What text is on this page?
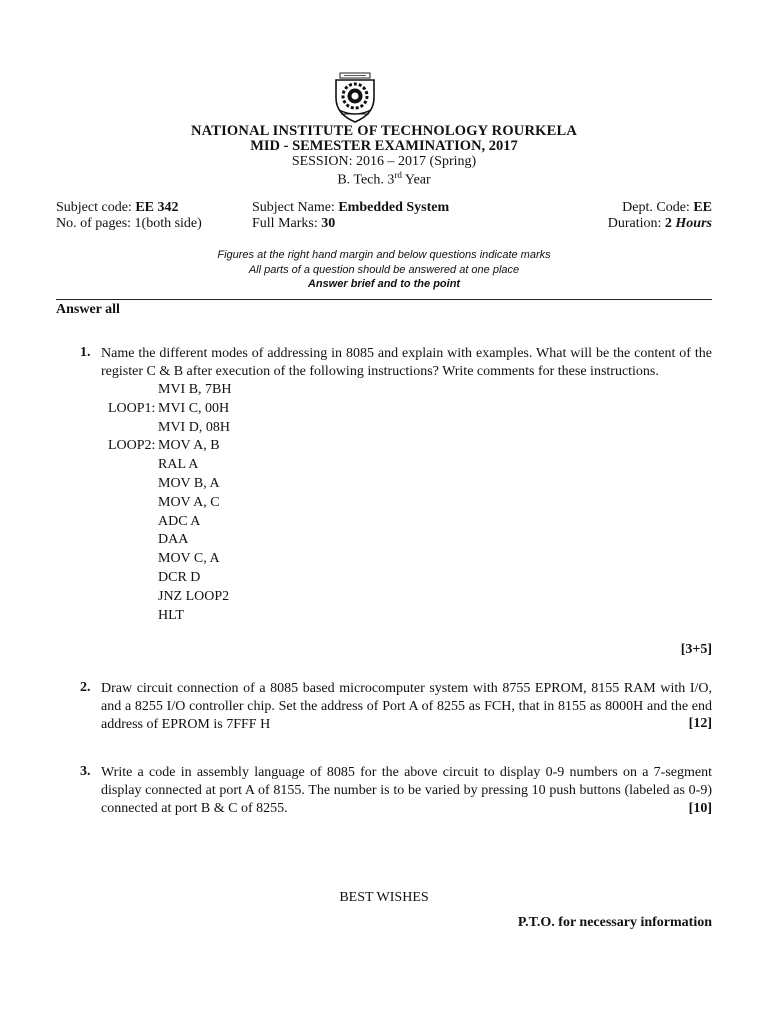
NATIONAL INSTITUTE OF TECHNOLOGY ROURKELA
MID - SEMESTER EXAMINATION, 2017
SESSION: 2016 – 2017 (Spring)
B. Tech. 3rd Year
Subject code: EE 342	Subject Name: Embedded System	Dept. Code: EE
No. of pages: 1(both side)	Full Marks: 30	Duration: 2 Hours
Figures at the right hand margin and below questions indicate marks
All parts of a question should be answered at one place
Answer brief and to the point
Answer all
1. Name the different modes of addressing in 8085 and explain with examples. What will be the content of the register C & B after execution of the following instructions? Write comments for these instructions.
MVI B, 7BH
LOOP1: MVI C, 00H
MVI D, 08H
LOOP2: MOV A, B
RAL A
MOV B, A
MOV A, C
ADC A
DAA
MOV C, A
DCR D
JNZ LOOP2
HLT
[3+5]
2. Draw circuit connection of a 8085 based microcomputer system with 8755 EPROM, 8155 RAM with I/O, and a 8255 I/O controller chip. Set the address of Port A of 8255 as FCH, that in 8155 as 8000H and the end address of EPROM is 7FFF H	[12]
3. Write a code in assembly language of 8085 for the above circuit to display 0-9 numbers on a 7-segment display connected at port A of 8155. The number is to be varied by pressing 10 push buttons (labeled as 0-9) connected at port B & C of 8255.	[10]
BEST WISHES
P.T.O. for necessary information
